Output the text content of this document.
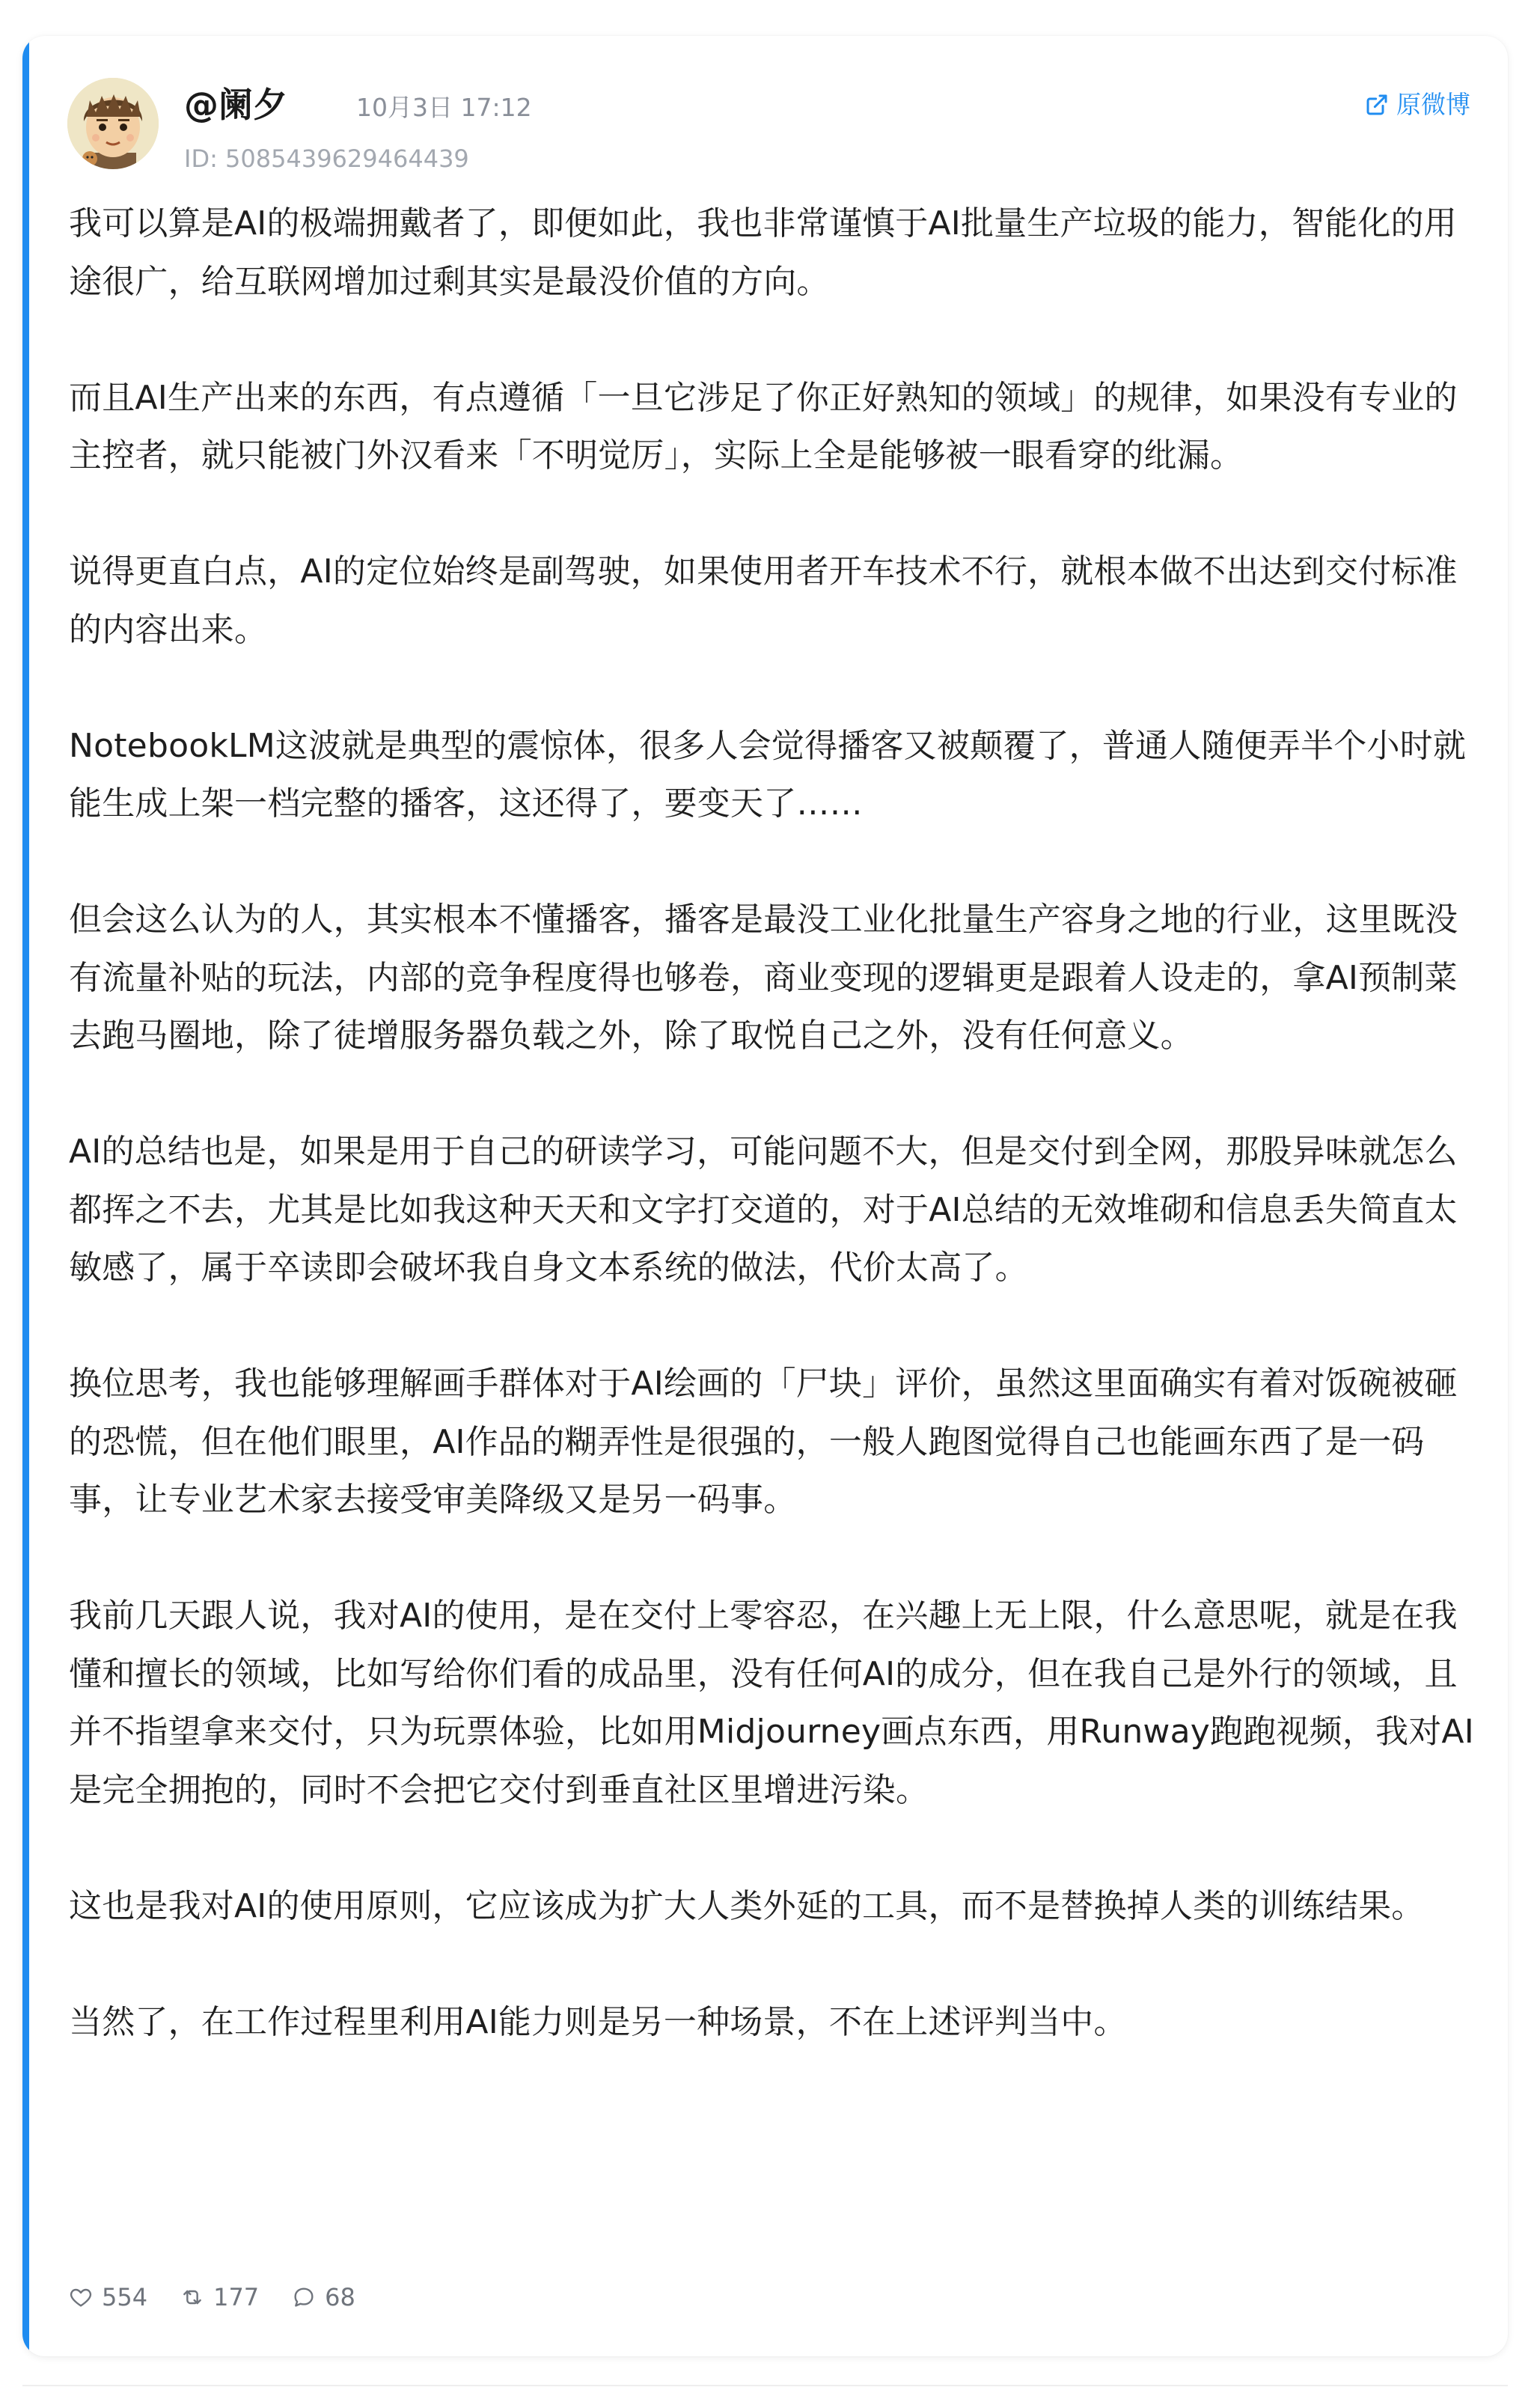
@阑夕	10月3日 17:12
ID: 5085439629464439
原微博

我可以算是AI的极端拥戴者了，即便如此，我也非常谨慎于AI批量生产垃圾的能力，智能化的用途很广，给互联网增加过剩其实是最没价值的方向。

而且AI生产出来的东西，有点遵循「一旦它涉足了你正好熟知的领域」的规律，如果没有专业的主控者，就只能被门外汉看来「不明觉厉」，实际上全是能够被一眼看穿的纰漏。

说得更直白点，AI的定位始终是副驾驶，如果使用者开车技术不行，就根本做不出达到交付标准的内容出来。

NotebookLM这波就是典型的震惊体，很多人会觉得播客又被颠覆了，普通人随便弄半个小时就能生成上架一档完整的播客，这还得了，要变天了……

但会这么认为的人，其实根本不懂播客，播客是最没工业化批量生产容身之地的行业，这里既没有流量补贴的玩法，内部的竞争程度得也够卷，商业变现的逻辑更是跟着人设走的，拿AI预制菜去跑马圈地，除了徒增服务器负载之外，除了取悦自己之外，没有任何意义。

AI的总结也是，如果是用于自己的研读学习，可能问题不大，但是交付到全网，那股异味就怎么都挥之不去，尤其是比如我这种天天和文字打交道的，对于AI总结的无效堆砌和信息丢失简直太敏感了，属于卒读即会破坏我自身文本系统的做法，代价太高了。

换位思考，我也能够理解画手群体对于AI绘画的「尸块」评价，虽然这里面确实有着对饭碗被砸的恐慌，但在他们眼里，AI作品的糊弄性是很强的，一般人跑图觉得自己也能画东西了是一码事，让专业艺术家去接受审美降级又是另一码事。

我前几天跟人说，我对AI的使用，是在交付上零容忍，在兴趣上无上限，什么意思呢，就是在我懂和擅长的领域，比如写给你们看的成品里，没有任何AI的成分，但在我自己是外行的领域，且并不指望拿来交付，只为玩票体验，比如用Midjourney画点东西，用Runway跑跑视频，我对AI是完全拥抱的，同时不会把它交付到垂直社区里增进污染。

这也是我对AI的使用原则，它应该成为扩大人类外延的工具，而不是替换掉人类的训练结果。

当然了，在工作过程里利用AI能力则是另一种场景，不在上述评判当中。

554	177	68
